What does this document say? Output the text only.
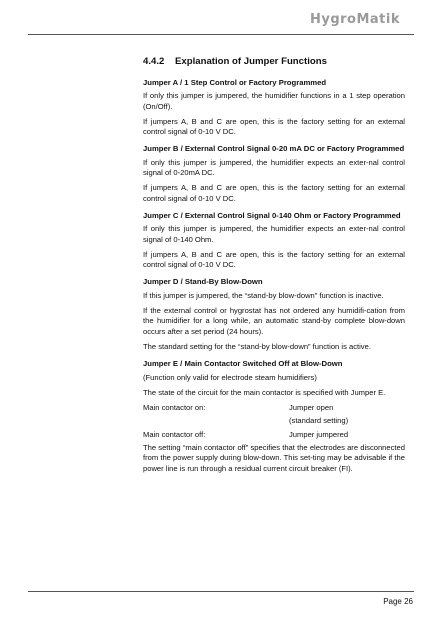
HygroMatik
4.4.2 Explanation of Jumper Functions
Jumper A / 1 Step Control or Factory Programmed

If only this jumper is jumpered, the humidifier functions in a 1 step operation (On/Off).

If jumpers A, B and C are open, this is the factory setting for an external control signal of 0-10 V DC.

Jumper B / External Control Signal 0-20 mA DC or Factory Programmed

If only this jumper is jumpered, the humidifier expects an exter-nal control signal of 0-20mA DC.

If jumpers A, B and C are open, this is the factory setting for an external control signal of 0-10 V DC.

Jumper C / External Control Signal 0-140 Ohm or Factory Programmed

If only this jumper is jumpered, the humidifier expects an exter-nal control signal of 0-140 Ohm.

If jumpers A, B and C are open, this is the factory setting for an external control signal of 0-10 V DC.

Jumper D / Stand-By Blow-Down

If this jumper is jumpered, the “stand-by blow-down” function is inactive.

If the external control or hygrostat has not ordered any humidifi-cation from the humidifier for a long while, an automatic stand-by complete blow-down occurs after a set period (24 hours).

The standard setting for the “stand-by blow-down” function is active.

Jumper E / Main Contactor Switched Off at Blow-Down

(Function only valid for electrode steam humidifiers)

The state of the circuit for the main contactor is specified with Jumper E.

Main contactor on:	Jumper open
(standard setting)
Main contactor off:	Jumper jumpered

The setting “main contactor off” specifies that the electrodes are disconnected from the power supply during blow-down. This set-ting may be advisable if the power line is run through a residual current circuit breaker (FI).

Page 26
